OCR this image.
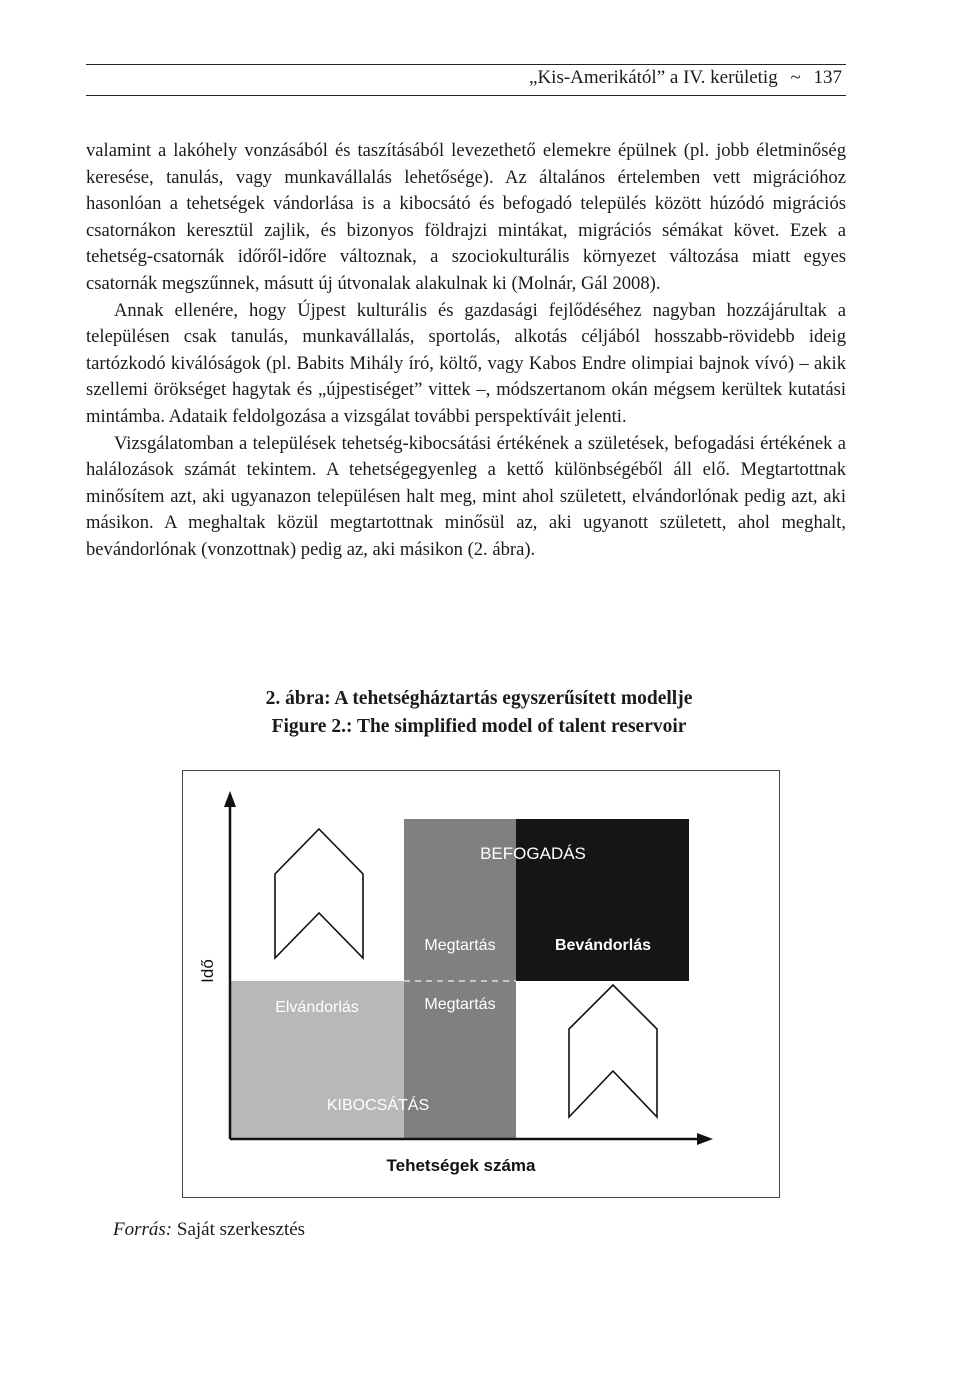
„Kis-Amerikától” a IV. kerületig ~ 137

valamint a lakóhely vonzásából és taszításából levezethető elemekre épülnek (pl. jobb életminőség keresése, tanulás, vagy munkavállalás lehetősége). Az általános értelemben vett migrációhoz hasonlóan a tehetségek vándorlása is a kibocsátó és befogadó település között húzódó migrációs csatornákon keresztül zajlik, és bizonyos földrajzi mintákat, migrációs sémákat követ. Ezek a tehetség-csatornák időről-időre változnak, a szociokulturális környezet változása miatt egyes csatornák megszűnnek, másutt új útvonalak alakulnak ki (Molnár, Gál 2008).

Annak ellenére, hogy Újpest kulturális és gazdasági fejlődéséhez nagyban hozzájárultak a településen csak tanulás, munkavállalás, sportolás, alkotás céljából hosszabb-rövidebb ideig tartózkodó kiválóságok (pl. Babits Mihály író, költő, vagy Kabos Endre olimpiai bajnok vívó) – akik szellemi örökséget hagytak és „újpestiséget” vittek –, módszertanom okán mégsem kerültek kutatási mintámba. Adataik feldolgozása a vizsgálat további perspektíváit jelenti.

Vizsgálatomban a települések tehetség-kibocsátási értékének a születések, befogadási értékének a halálozások számát tekintem. A tehetségegyenleg a kettő különbségéből áll elő. Megtartottnak minősítem azt, aki ugyanazon településen halt meg, mint ahol született, elvándorlónak pedig azt, aki másikon. A meghaltak közül megtartottnak minősül az, aki ugyanott született, ahol meghalt, bevándorlónak (vonzottnak) pedig az, aki másikon (2. ábra).

2. ábra: A tehetségháztartás egyszerűsített modellje
Figure 2.: The simplified model of talent reservoir
BEFOGADÁS
Megtartás	Bevándorlás
Elvándorlás	Megtartás
KIBOCSÁTÁS
Idő
Tehetségek száma
Forrás: Saját szerkesztés
